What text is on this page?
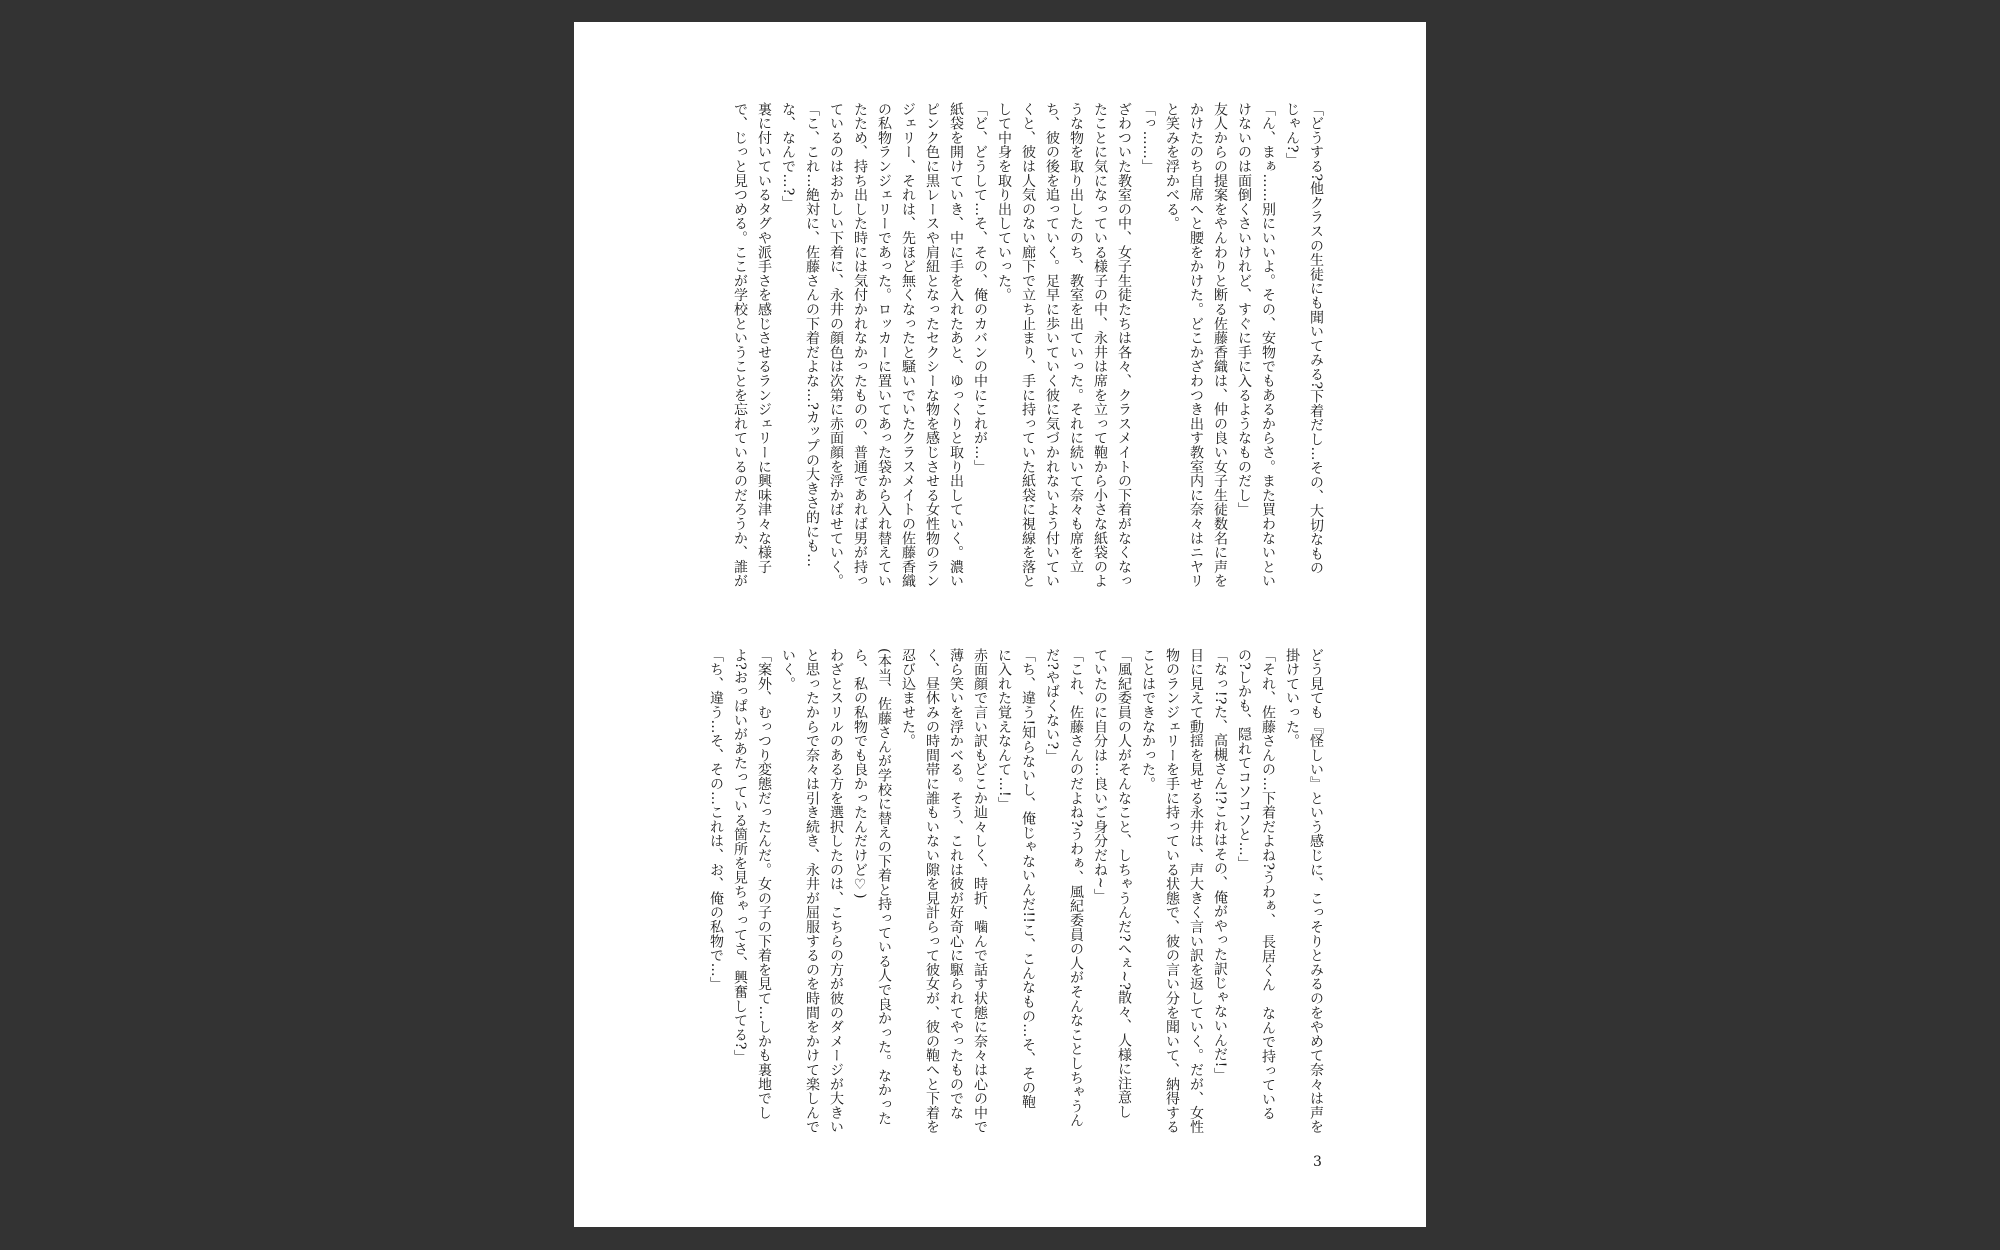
「どうする?他クラスの生徒にも聞いてみる?下着だし…その、大切なもの
じゃん?」
「ん、まぁ……別にいいよ。その、安物でもあるからさ。また買わないとい
けないのは面倒くさいけれど、すぐに手に入るようなものだし」
友人からの提案をやんわりと断る佐藤香織は、仲の良い女子生徒数名に声を
かけたのち自席へと腰をかけた。どこかざわつき出す教室内に奈々はニヤリ
と笑みを浮かべる。
「っ……」
ざわついた教室の中、女子生徒たちは各々、クラスメイトの下着がなくなっ
たことに気になっている様子の中、永井は席を立って鞄から小さな紙袋のよ
うな物を取り出したのち、教室を出ていった。それに続いて奈々も席を立
ち、彼の後を追っていく。足早に歩いていく彼に気づかれないよう付いてい
くと、彼は人気のない廊下で立ち止まり、手に持っていた紙袋に視線を落と
して中身を取り出していった。
「ど、どうして…そ、その、俺のカバンの中にこれが…」
紙袋を開けていき、中に手を入れたあと、ゆっくりと取り出していく。濃い
ピンク色に黒レースや肩紐となったセクシーな物を感じさせる女性物のラン
ジェリー、それは、先ほど無くなったと騒いでいたクラスメイトの佐藤香織
の私物ランジェリーであった。ロッカーに置いてあった袋から入れ替えてい
たため、持ち出した時には気付かれなかったものの、普通であれば男が持っ
ているのはおかしい下着に、永井の顔色は次第に赤面顔を浮かばせていく。
「こ、これ…絶対に、佐藤さんの下着だよな…?カップの大きさ的にも…
な、なんで…?」
裏に付いているタグや派手さを感じさせるランジェリーに興味津々な様子
で、じっと見つめる。ここが学校ということを忘れているのだろうか、誰が
どう見ても『怪しい』という感じに、こっそりとみるのをやめて奈々は声を
掛けていった。
「それ、佐藤さんの…下着だよね?うわぁ、　長居くん　なんで持っている
の?しかも、隠れてコソコソと…」
「なっ!?た、高槻さん!?これはその、俺がやった訳じゃないんだ!」
目に見えて動揺を見せる永井は、声大きく言い訳を返していく。だが、女性
物のランジェリーを手に持っている状態で、彼の言い分を聞いて、納得する
ことはできなかった。
「風紀委員の人がそんなこと、しちゃうんだ?へぇ~?散々、人様に注意し
ていたのに自分は…良いご身分だね~」
「これ、佐藤さんのだよね?うわぁ、風紀委員の人がそんなことしちゃうん
だ?やばくない?」
「ち、違う!知らないし、俺じゃないんだ!!こ、こんなもの…そ、その鞄
に入れた覚えなんて…!」
赤面顔で言い訳もどこか辿々しく、時折、噛んで話す状態に奈々は心の中で
薄ら笑いを浮かべる。そう、これは彼が好奇心に駆られてやったものでな
く、昼休みの時間帯に誰もいない隙を見計らって彼女が、彼の鞄へと下着を
忍び込ませた。
(本当、佐藤さんが学校に替えの下着と持っている人で良かった。なかった
ら、私の私物でも良かったんだけど♡)
わざとスリルのある方を選択したのは、こちらの方が彼のダメージが大きい
と思ったからで奈々は引き続き、永井が屈服するのを時間をかけて楽しんで
いく。
「案外、むっつり変態だったんだ。女の子の下着を見て…しかも裏地でし
よ?おっぱいがあたっている箇所を見ちゃってさ、興奮してる?」
「ち、違う…そ、その…これは、お、俺の私物で…」
3
